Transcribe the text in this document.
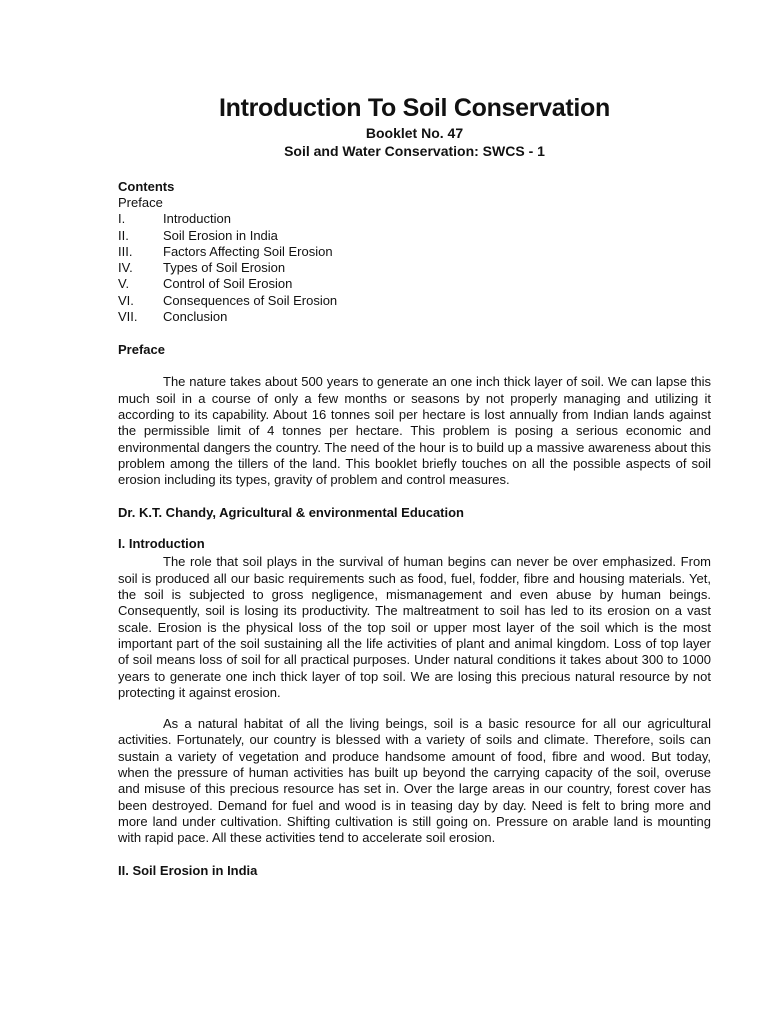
Introduction To Soil Conservation

Booklet No. 47

Soil and Water Conservation: SWCS - 1

Contents

Preface
I.	Introduction
II.	Soil Erosion in India
III.	Factors Affecting Soil Erosion
IV.	Types of Soil Erosion
V.	Control of Soil Erosion
VI.	Consequences of Soil Erosion
VII.	Conclusion

Preface

The nature takes about 500 years to generate an one inch thick layer of soil. We can lapse this much soil in a course of only a few months or seasons by not properly managing and utilizing it according to its capability. About 16 tonnes soil per hectare is lost annually from Indian lands against the permissible limit of 4 tonnes per hectare. This problem is posing a serious economic and environmental dangers the country. The need of the hour is to build up a massive awareness about this problem among the tillers of the land. This booklet briefly touches on all the possible aspects of soil erosion including its types, gravity of problem and control measures.

Dr. K.T. Chandy, Agricultural & environmental Education

I. Introduction

The role that soil plays in the survival of human begins can never be over emphasized. From soil is produced all our basic requirements such as food, fuel, fodder, fibre and housing materials. Yet, the soil is subjected to gross negligence, mismanagement and even abuse by human beings. Consequently, soil is losing its productivity. The maltreatment to soil has led to its erosion on a vast scale. Erosion is the physical loss of the top soil or upper most layer of the soil which is the most important part of the soil sustaining all the life activities of plant and animal kingdom. Loss of top layer of soil means loss of soil for all practical purposes. Under natural conditions it takes about 300 to 1000 years to generate one inch thick layer of top soil. We are losing this precious natural resource by not protecting it against erosion.

As a natural habitat of all the living beings, soil is a basic resource for all our agricultural activities. Fortunately, our country is blessed with a variety of soils and climate. Therefore, soils can sustain a variety of vegetation and produce handsome amount of food, fibre and wood. But today, when the pressure of human activities has built up beyond the carrying capacity of the soil, overuse and misuse of this precious resource has set in. Over the large areas in our country, forest cover has been destroyed. Demand for fuel and wood is in teasing day by day. Need is felt to bring more and more land under cultivation. Shifting cultivation is still going on. Pressure on arable land is mounting with rapid pace. All these activities tend to accelerate soil erosion.

II. Soil Erosion in India
